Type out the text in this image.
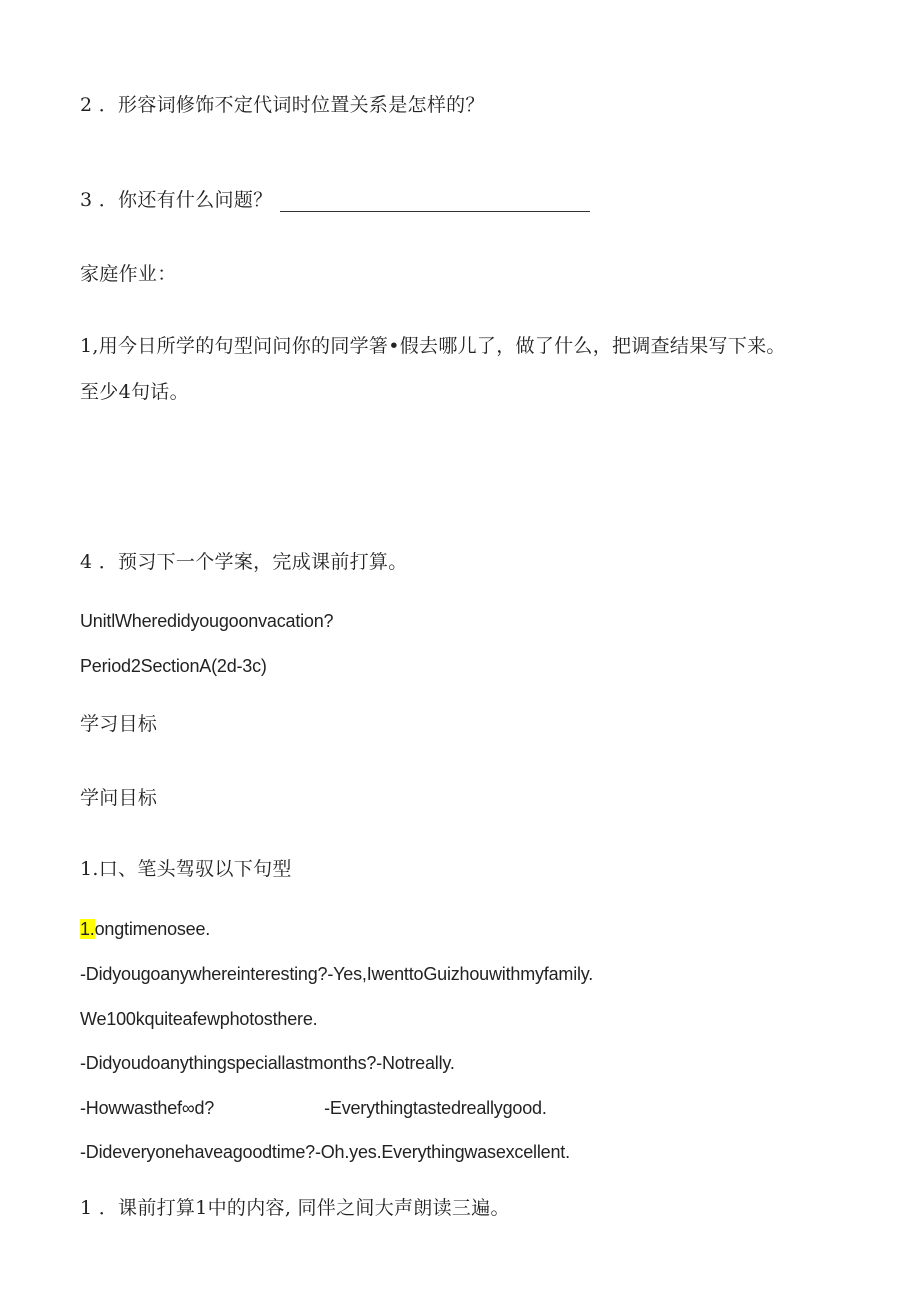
2 ．形容词修饰不定代词时位置关系是怎样的？
3 ．你还有什么问题？
家庭作业：
1,用今日所学的句型问问你的同学箸•假去哪儿了，做了什么，把调查结果写下来。
至少4句话。
4 ．预习下一个学案，完成课前打算。
UnitlWheredidyougoonvacation?
Period2SectionA(2d-3c)
学习目标
学问目标
1.口、笔头驾驭以下句型
1.ongtimenosee.
-Didyougoanywhereinteresting?-Yes,IwenttoGuizhouwithmyfamily.
We100kquiteafewphotosthere.
-Didyoudoanythingspeciallastmonths?-Notreally.
-Howwasthef∞d?	-Everythingtastedreallygood.
-Dideveryonehaveagoodtime?-Oh.yes.Everythingwasexcellent.
1 ．课前打算1中的内容, 同伴之间大声朗读三遍。
